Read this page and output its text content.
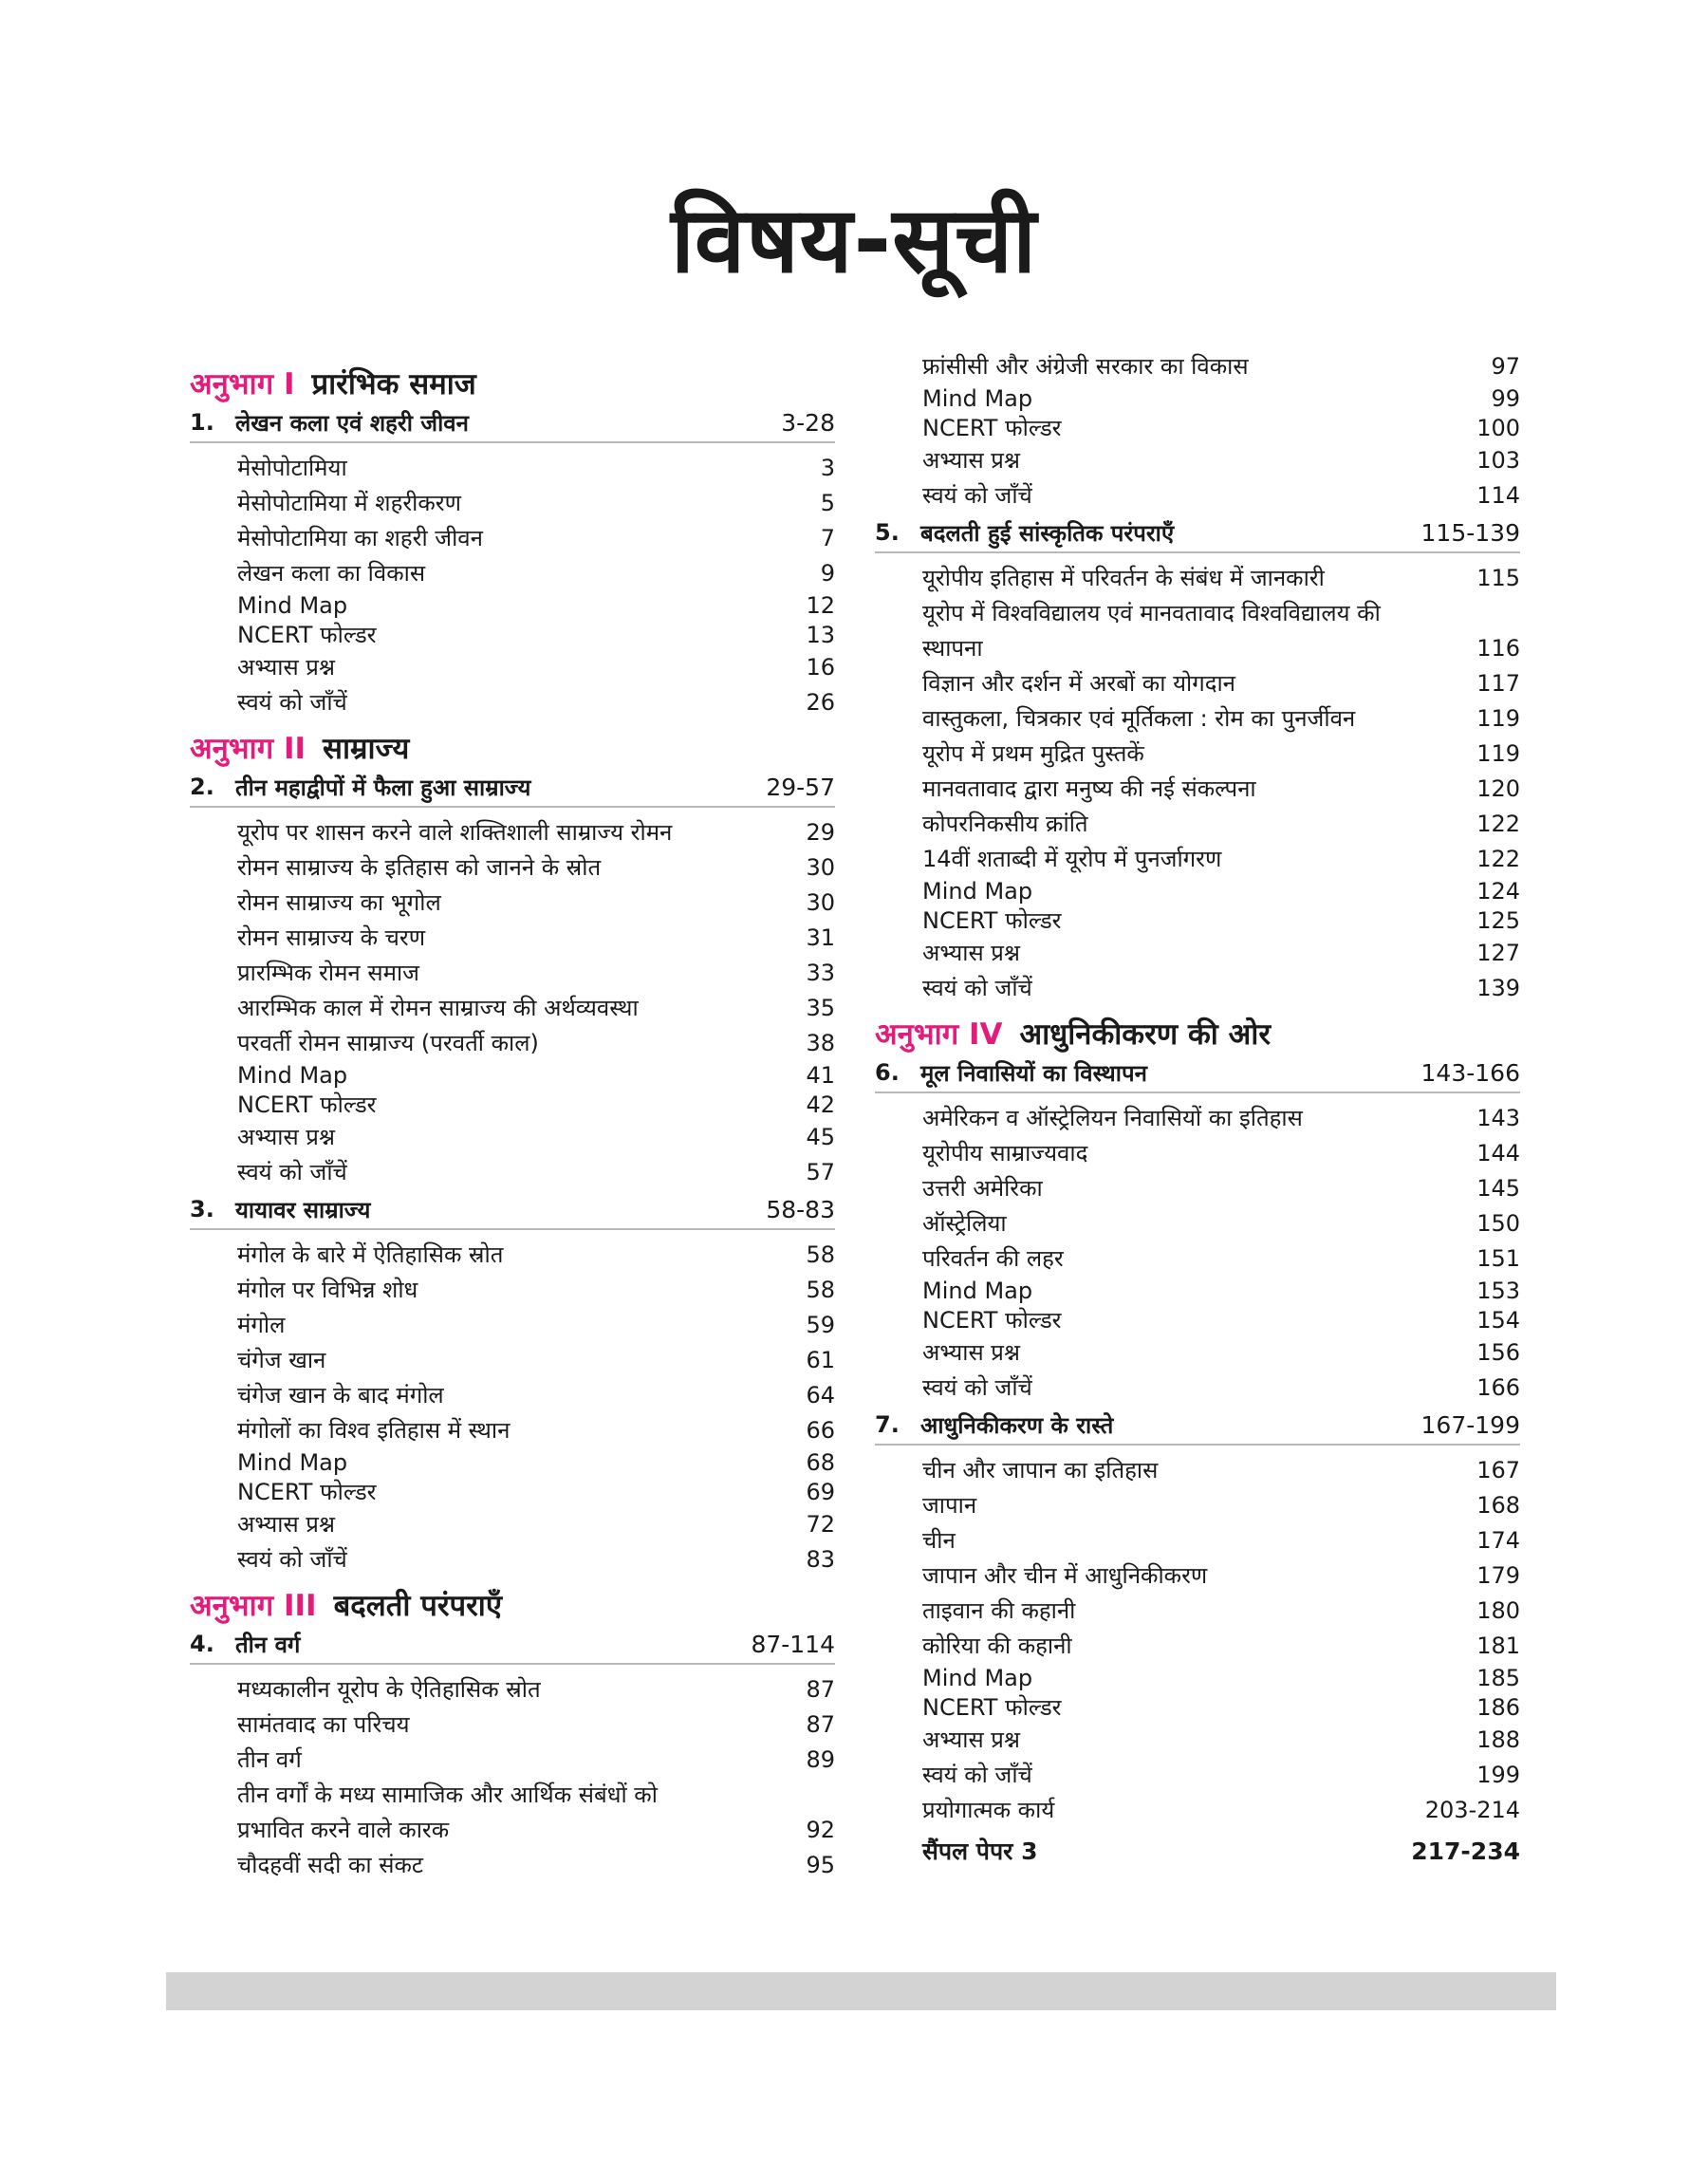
विषय-सूची
अनुभाग I प्रारंभिक समाज
1. लेखन कला एवं शहरी जीवन	3-28
मेसोपोटामिया	3
मेसोपोटामिया में शहरीकरण	5
मेसोपोटामिया का शहरी जीवन	7
लेखन कला का विकास	9
Mind Map	12
NCERT फोल्डर	13
अभ्यास प्रश्न	16
स्वयं को जाँचें	26
अनुभाग II साम्राज्य
2. तीन महाद्वीपों में फैला हुआ साम्राज्य	29-57
यूरोप पर शासन करने वाले शक्तिशाली साम्राज्य रोमन	29
रोमन साम्राज्य के इतिहास को जानने के स्रोत	30
रोमन साम्राज्य का भूगोल	30
रोमन साम्राज्य के चरण	31
प्रारम्भिक रोमन समाज	33
आरम्भिक काल में रोमन साम्राज्य की अर्थव्यवस्था	35
परवर्ती रोमन साम्राज्य (परवर्ती काल)	38
Mind Map	41
NCERT फोल्डर	42
अभ्यास प्रश्न	45
स्वयं को जाँचें	57
3. यायावर साम्राज्य	58-83
मंगोल के बारे में ऐतिहासिक स्रोत	58
मंगोल पर विभिन्न शोध	58
मंगोल	59
चंगेज खान	61
चंगेज खान के बाद मंगोल	64
मंगोलों का विश्व इतिहास में स्थान	66
Mind Map	68
NCERT फोल्डर	69
अभ्यास प्रश्न	72
स्वयं को जाँचें	83
अनुभाग III बदलती परंपराएँ
4. तीन वर्ग	87-114
मध्यकालीन यूरोप के ऐतिहासिक स्रोत	87
सामंतवाद का परिचय	87
तीन वर्ग	89
तीन वर्गों के मध्य सामाजिक और आर्थिक संबंधों को प्रभावित करने वाले कारक	92
चौदहवीं सदी का संकट	95
फ्रांसीसी और अंग्रेजी सरकार का विकास	97
Mind Map	99
NCERT फोल्डर	100
अभ्यास प्रश्न	103
स्वयं को जाँचें	114
5. बदलती हुई सांस्कृतिक परंपराएँ	115-139
यूरोपीय इतिहास में परिवर्तन के संबंध में जानकारी	115
यूरोप में विश्वविद्यालय एवं मानवतावाद विश्वविद्यालय की स्थापना	116
विज्ञान और दर्शन में अरबों का योगदान	117
वास्तुकला, चित्रकार एवं मूर्तिकला : रोम का पुनर्जीवन	119
यूरोप में प्रथम मुद्रित पुस्तकें	119
मानवतावाद द्वारा मनुष्य की नई संकल्पना	120
कोपरनिकसीय क्रांति	122
14वीं शताब्दी में यूरोप में पुनर्जागरण	122
Mind Map	124
NCERT फोल्डर	125
अभ्यास प्रश्न	127
स्वयं को जाँचें	139
अनुभाग IV आधुनिकीकरण की ओर
6. मूल निवासियों का विस्थापन	143-166
अमेरिकन व ऑस्ट्रेलियन निवासियों का इतिहास	143
यूरोपीय साम्राज्यवाद	144
उत्तरी अमेरिका	145
ऑस्ट्रेलिया	150
परिवर्तन की लहर	151
Mind Map	153
NCERT फोल्डर	154
अभ्यास प्रश्न	156
स्वयं को जाँचें	166
7. आधुनिकीकरण के रास्ते	167-199
चीन और जापान का इतिहास	167
जापान	168
चीन	174
जापान और चीन में आधुनिकीकरण	179
ताइवान की कहानी	180
कोरिया की कहानी	181
Mind Map	185
NCERT फोल्डर	186
अभ्यास प्रश्न	188
स्वयं को जाँचें	199
प्रयोगात्मक कार्य	203-214
सैंपल पेपर 3	217-234
